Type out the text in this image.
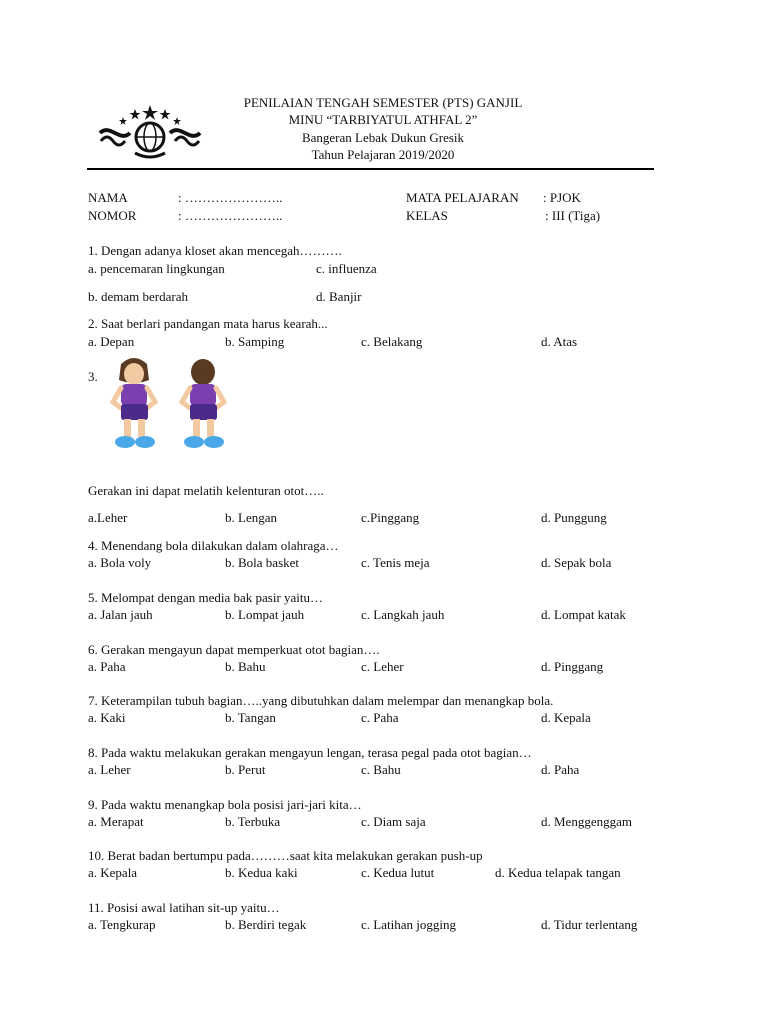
PENILAIAN TENGAH SEMESTER (PTS) GANJIL
MINU “TARBIYATUL ATHFAL 2”
Bangeran Lebak Dukun Gresik
Tahun Pelajaran 2019/2020
NAMA	: …………………..
NOMOR	: …………………..
MATA PELAJARAN : PJOK
KELAS	: III (Tiga)
1. Dengan adanya kloset akan mencegah……….
a. pencemaran lingkungan	c. influenza
b. demam berdarah	d. Banjir
2. Saat berlari pandangan mata harus kearah...
a. Depan	b. Samping	c. Belakang	d. Atas
3.
Gerakan ini dapat melatih kelenturan otot…..
a.Leher	b. Lengan	c.Pinggang	d. Punggung
4. Menendang bola dilakukan dalam olahraga…
a. Bola voly	b. Bola basket	c. Tenis meja	d. Sepak bola
5. Melompat dengan media bak pasir yaitu…
a. Jalan jauh	b. Lompat jauh	c. Langkah jauh	d. Lompat katak
6. Gerakan mengayun dapat memperkuat otot bagian….
a. Paha	b. Bahu	c. Leher	d. Pinggang
7. Keterampilan tubuh bagian…..yang dibutuhkan dalam melempar dan menangkap bola.
a. Kaki	b. Tangan	c. Paha	d. Kepala
8. Pada waktu melakukan gerakan mengayun lengan, terasa pegal pada otot bagian…
a. Leher	b. Perut	c. Bahu	d. Paha
9. Pada waktu menangkap bola posisi jari-jari kita…
a. Merapat	b. Terbuka	c. Diam saja	d. Menggenggam
10. Berat badan bertumpu pada………saat kita melakukan gerakan push-up
a. Kepala	b. Kedua kaki	c. Kedua lutut	d. Kedua telapak tangan
11. Posisi awal latihan sit-up yaitu…
a. Tengkurap	b. Berdiri tegak	c. Latihan jogging	d. Tidur terlentang
